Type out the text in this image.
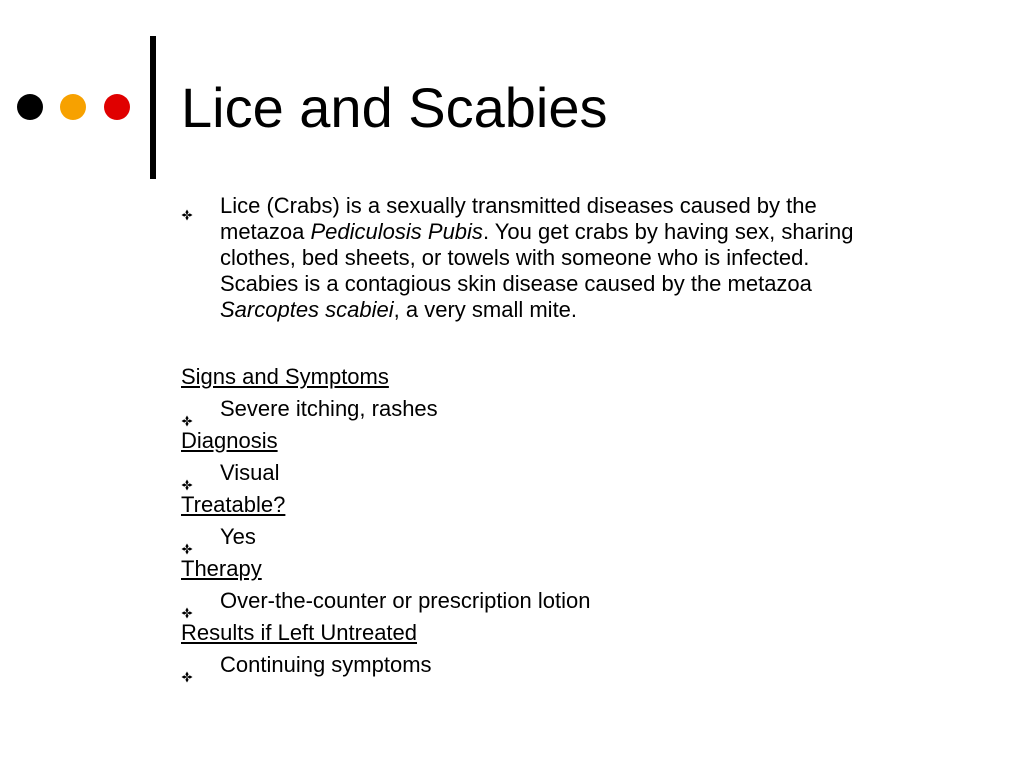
Lice and Scabies
Lice (Crabs) is a sexually transmitted diseases caused by the
metazoa Pediculosis Pubis. You get crabs by having sex, sharing
clothes, bed sheets, or towels with someone who is infected.
Scabies is a contagious skin disease caused by the metazoa
Sarcoptes scabiei, a very small mite.
Signs and Symptoms
Severe itching, rashes
Diagnosis
Visual
Treatable?
Yes
Therapy
Over-the-counter or prescription lotion
Results if Left Untreated
Continuing symptoms
